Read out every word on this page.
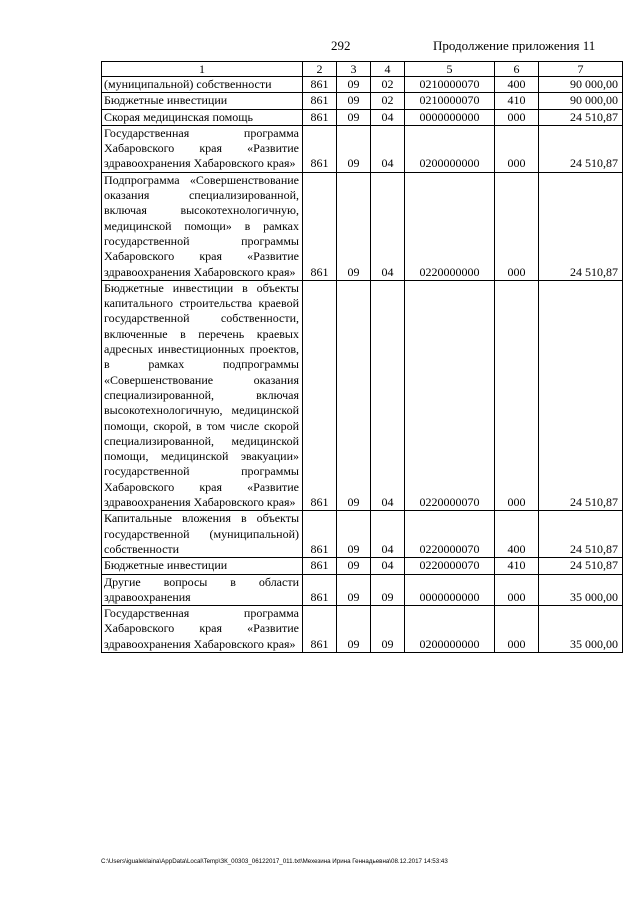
292	Продолжение приложения 11
1	2	3	4	5	6	7
(муниципальной) собственности	861	09	02	0210000070	400	90 000,00
Бюджетные инвестиции	861	09	02	0210000070	410	90 000,00
Скорая медицинская помощь	861	09	04	0000000000	000	24 510,87
Государственная программа Хабаровского края «Развитие здравоохранения Хабаровского края»	861	09	04	0200000000	000	24 510,87
Подпрограмма «Совершенствование оказания специализированной, включая высокотехнологичную, медицинской помощи» в рамках государственной программы Хабаровского края «Развитие здравоохранения Хабаровского края»	861	09	04	0220000000	000	24 510,87
Бюджетные инвестиции в объекты капитального строительства краевой государственной собственности, включенные в перечень краевых адресных инвестиционных проектов, в рамках подпрограммы «Совершенствование оказания специализированной, включая высокотехнологичную, медицинской помощи, скорой, в том числе скорой специализированной, медицинской помощи, медицинской эвакуации» государственной программы Хабаровского края «Развитие здравоохранения Хабаровского края»	861	09	04	0220000070	000	24 510,87
Капитальные вложения в объекты государственной (муниципальной) собственности	861	09	04	0220000070	400	24 510,87
Бюджетные инвестиции	861	09	04	0220000070	410	24 510,87
Другие вопросы в области здравоохранения	861	09	09	0000000000	000	35 000,00
Государственная программа Хабаровского края «Развитие здравоохранения Хабаровского края»	861	09	09	0200000000	000	35 000,00
C:\Users\igualeklaina\AppData\Local\Temp\ЗК_00303_06122017_011.txt\Мехезина Ирина Геннадьевна\08.12.2017 14:53:43
